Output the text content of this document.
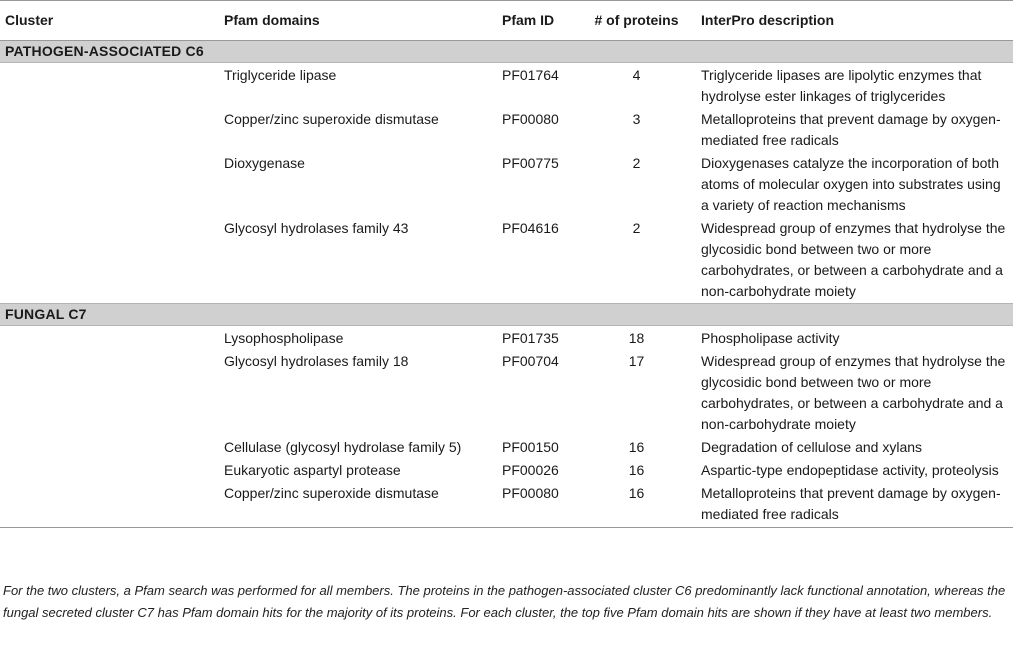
Cluster	Pfam domains	Pfam ID	# of proteins	InterPro description
PATHOGEN-ASSOCIATED C6				
	Triglyceride lipase	PF01764	4	Triglyceride lipases are lipolytic enzymes that hydrolyse ester linkages of triglycerides
	Copper/zinc superoxide dismutase	PF00080	3	Metalloproteins that prevent damage by oxygen-mediated free radicals
	Dioxygenase	PF00775	2	Dioxygenases catalyze the incorporation of both atoms of molecular oxygen into substrates using a variety of reaction mechanisms
	Glycosyl hydrolases family 43	PF04616	2	Widespread group of enzymes that hydrolyse the glycosidic bond between two or more carbohydrates, or between a carbohydrate and a non-carbohydrate moiety
FUNGAL C7				
	Lysophospholipase	PF01735	18	Phospholipase activity
	Glycosyl hydrolases family 18	PF00704	17	Widespread group of enzymes that hydrolyse the glycosidic bond between two or more carbohydrates, or between a carbohydrate and a non-carbohydrate moiety
	Cellulase (glycosyl hydrolase family 5)	PF00150	16	Degradation of cellulose and xylans
	Eukaryotic aspartyl protease	PF00026	16	Aspartic-type endopeptidase activity, proteolysis
	Copper/zinc superoxide dismutase	PF00080	16	Metalloproteins that prevent damage by oxygen-mediated free radicals

For the two clusters, a Pfam search was performed for all members. The proteins in the pathogen-associated cluster C6 predominantly lack functional annotation, whereas the fungal secreted cluster C7 has Pfam domain hits for the majority of its proteins. For each cluster, the top five Pfam domain hits are shown if they have at least two members.
